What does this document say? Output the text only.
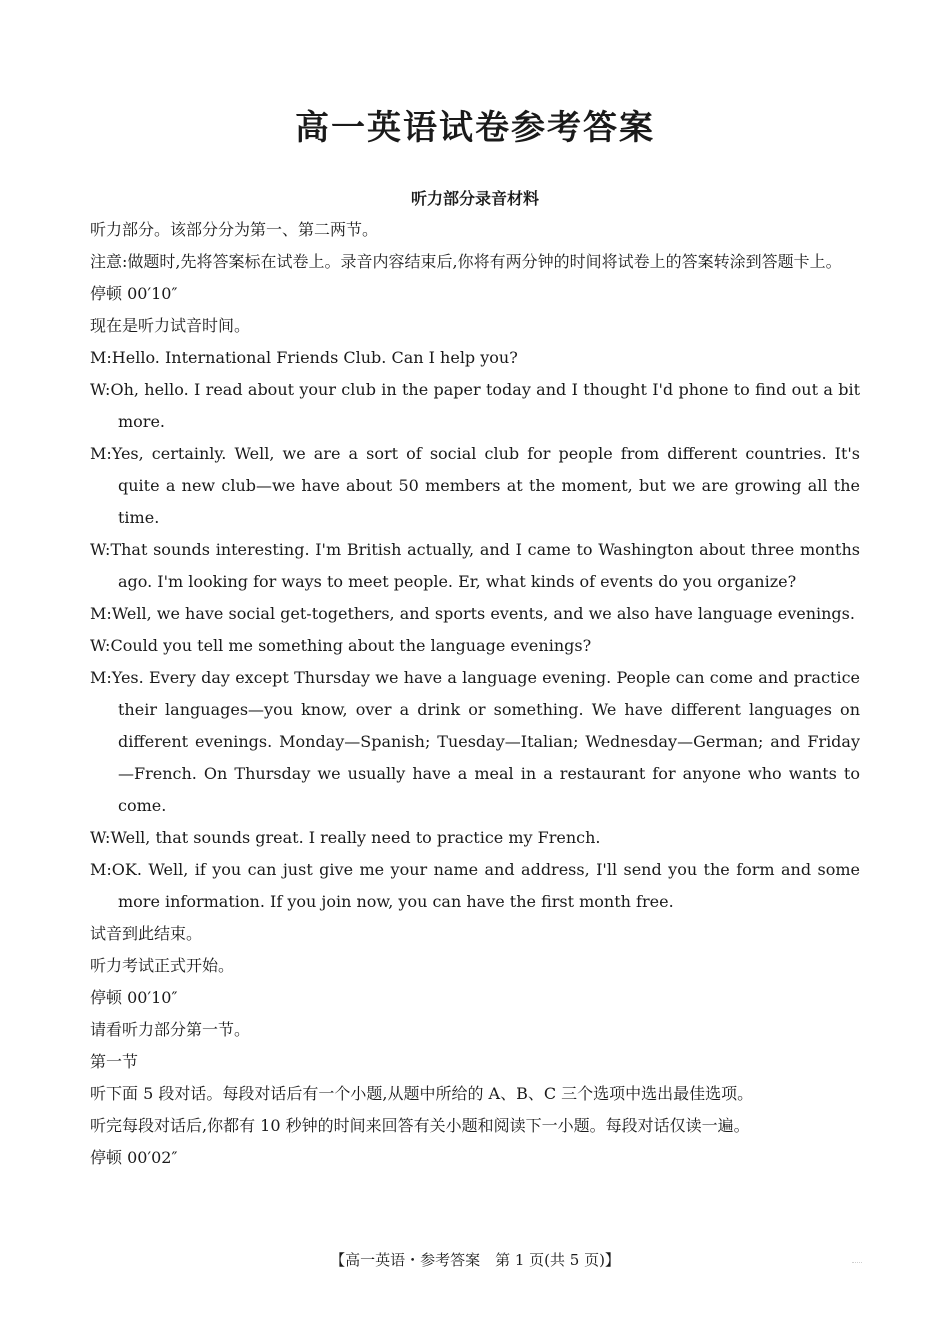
高一英语试卷参考答案
听力部分录音材料

听力部分。该部分分为第一、第二两节。

注意:做题时,先将答案标在试卷上。录音内容结束后,你将有两分钟的时间将试卷上的答案转涂到答题卡上。

停顿 00′10″

现在是听力试音时间。

M:Hello. International Friends Club. Can I help you?

W:Oh, hello. I read about your club in the paper today and I thought I'd phone to find out a bit more.

M:Yes, certainly. Well, we are a sort of social club for people from different countries. It's quite a new club—we have about 50 members at the moment, but we are growing all the time.

W:That sounds interesting. I'm British actually, and I came to Washington about three months ago. I'm looking for ways to meet people. Er, what kinds of events do you organize?

M:Well, we have social get-togethers, and sports events, and we also have language evenings.

W:Could you tell me something about the language evenings?

M:Yes. Every day except Thursday we have a language evening. People can come and practice their languages—you know, over a drink or something. We have different languages on different evenings. Monday—Spanish; Tuesday—Italian; Wednesday—German; and Friday—French. On Thursday we usually have a meal in a restaurant for anyone who wants to come.

W:Well, that sounds great. I really need to practice my French.

M:OK. Well, if you can just give me your name and address, I'll send you the form and some more information. If you join now, you can have the first month free.

试音到此结束。

听力考试正式开始。

停顿 00′10″

请看听力部分第一节。

第一节

听下面 5 段对话。每段对话后有一个小题,从题中所给的 A、B、C 三个选项中选出最佳选项。

听完每段对话后,你都有 10 秒钟的时间来回答有关小题和阅读下一小题。每段对话仅读一遍。

停顿 00′02″

【高一英语・参考答案　第 1 页(共 5 页)】
